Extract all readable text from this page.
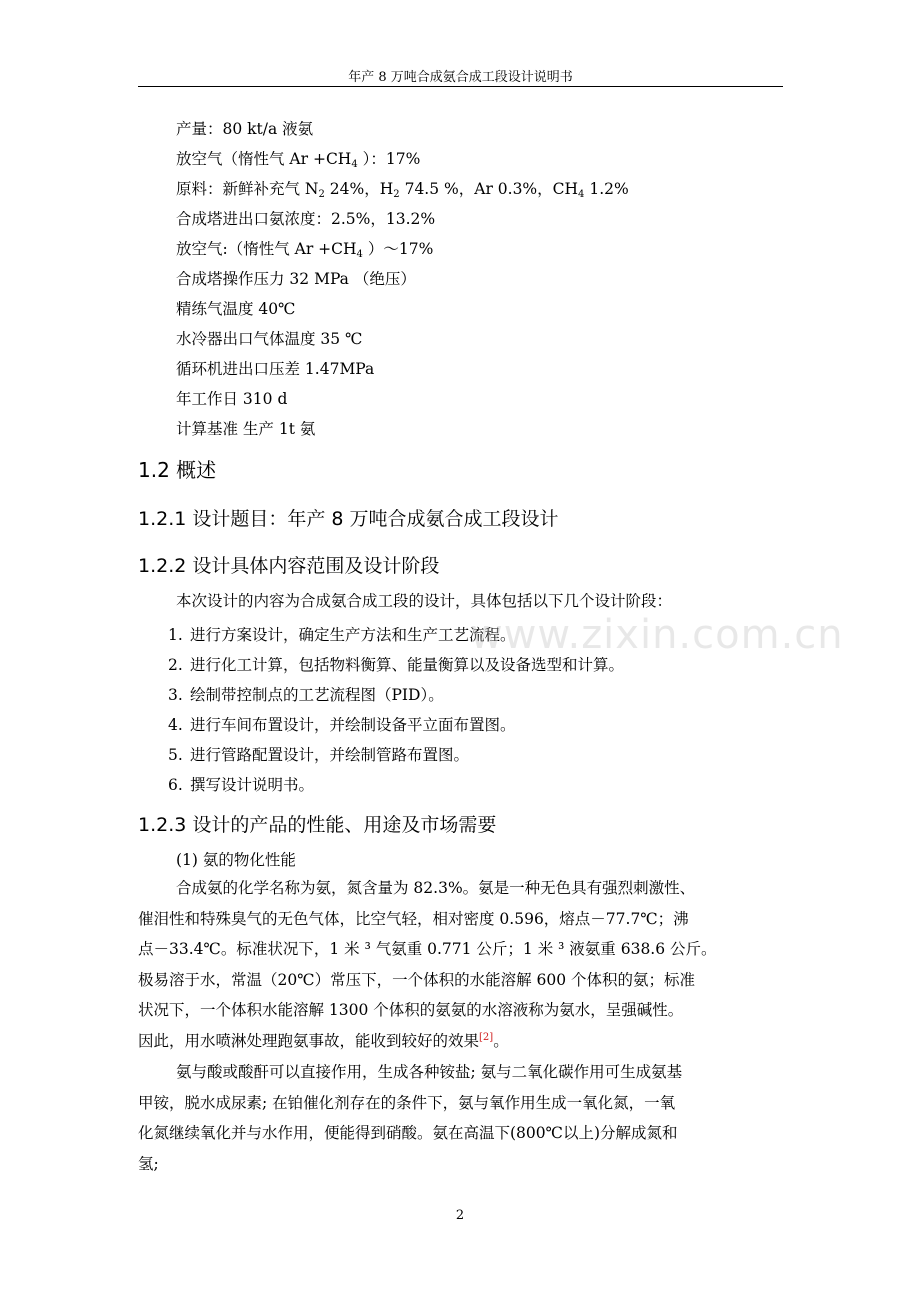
年产 8 万吨合成氨合成工段设计说明书
产量：80 kt/a 液氨
放空气（惰性气 $Ar +CH_4$ ）：17%
原料：新鲜补充气 $N_2$ 24%，$H_2$ 74.5 %，Ar 0.3%，$CH_4$ 1.2%
合成塔进出口氨浓度：2.5%，13.2%
放空气:（惰性气 $Ar +CH_4$ ）～17%
合成塔操作压力 32 MPa （绝压）
精练气温度 40℃
水冷器出口气体温度 35 ℃
循环机进出口压差 1.47MPa
年工作日 310 d
计算基准 生产 1t 氨
1.2 概述
1.2.1 设计题目：年产 8 万吨合成氨合成工段设计
1.2.2 设计具体内容范围及设计阶段
本次设计的内容为合成氨合成工段的设计，具体包括以下几个设计阶段：
1. 进行方案设计，确定生产方法和生产工艺流程。
2. 进行化工计算，包括物料衡算、能量衡算以及设备选型和计算。
3. 绘制带控制点的工艺流程图（PID）。
4. 进行车间布置设计，并绘制设备平立面布置图。
5. 进行管路配置设计，并绘制管路布置图。
6. 撰写设计说明书。
www.zixin.com.cn
1.2.3 设计的产品的性能、用途及市场需要
(1) 氨的物化性能
合成氨的化学名称为氨，氮含量为 82.3%。氨是一种无色具有强烈刺激性、
催泪性和特殊臭气的无色气体，比空气轻，相对密度 0.596，熔点－77.7℃；沸
点－33.4℃。标准状况下，1 米 ³ 气氨重 0.771 公斤；1 米 ³ 液氨重 638.6 公斤。
极易溶于水，常温（20℃）常压下，一个体积的水能溶解 600 个体积的氨；标准
状况下，一个体积水能溶解 1300 个体积的氨氨的水溶液称为氨水，呈强碱性。
因此，用水喷淋处理跑氨事故，能收到较好的效果[2]。
氨与酸或酸酐可以直接作用，生成各种铵盐; 氨与二氧化碳作用可生成氨基
甲铵，脱水成尿素; 在铂催化剂存在的条件下，氨与氧作用生成一氧化氮，一氧
化氮继续氧化并与水作用，便能得到硝酸。氨在高温下(800℃以上)分解成氮和
氢;
2
